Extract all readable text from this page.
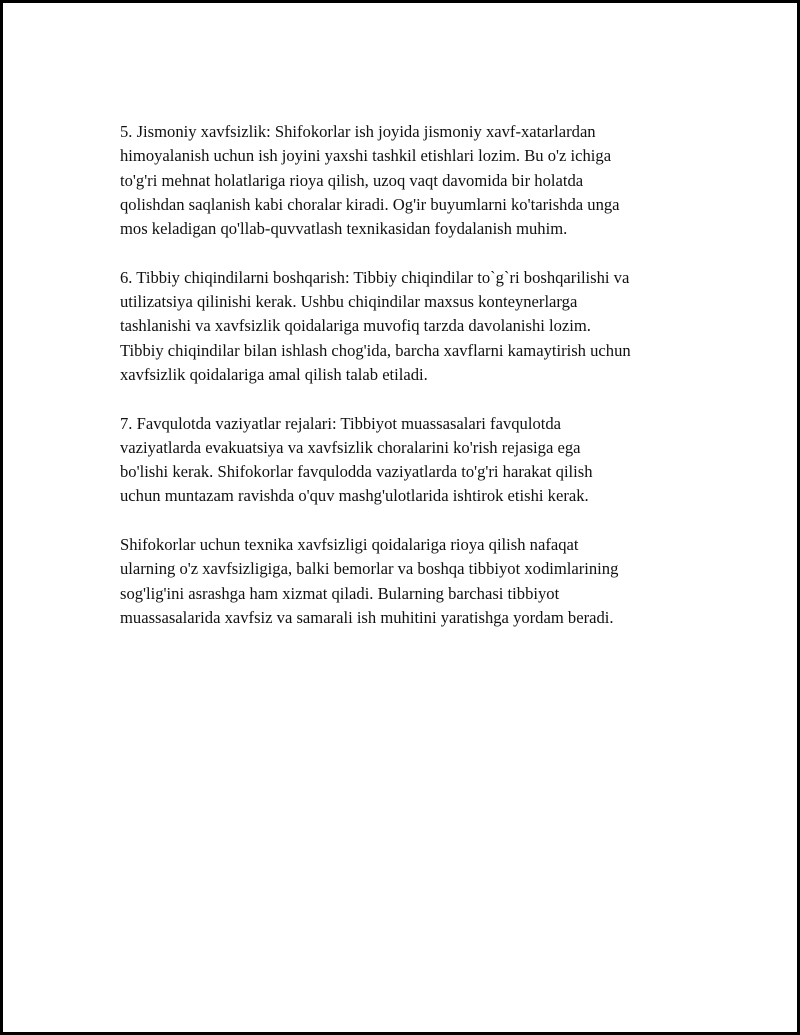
5. Jismoniy xavfsizlik: Shifokorlar ish joyida jismoniy xavf-xatarlardan
himoyalanish uchun ish joyini yaxshi tashkil etishlari lozim. Bu o'z ichiga
to'g'ri mehnat holatlariga rioya qilish, uzoq vaqt davomida bir holatda
qolishdan saqlanish kabi choralar kiradi. Og'ir buyumlarni ko'tarishda unga
mos keladigan qo'llab-quvvatlash texnikasidan foydalanish muhim.

6. Tibbiy chiqindilarni boshqarish: Tibbiy chiqindilar to`g`ri boshqarilishi va
utilizatsiya qilinishi kerak. Ushbu chiqindilar maxsus konteynerlarga
tashlanishi va xavfsizlik qoidalariga muvofiq tarzda davolanishi lozim.
Tibbiy chiqindilar bilan ishlash chog'ida, barcha xavflarni kamaytirish uchun
xavfsizlik qoidalariga amal qilish talab etiladi.

7. Favqulotda vaziyatlar rejalari: Tibbiyot muassasalari favqulotda
vaziyatlarda evakuatsiya va xavfsizlik choralarini ko'rish rejasiga ega
bo'lishi kerak. Shifokorlar favqulodda vaziyatlarda to'g'ri harakat qilish
uchun muntazam ravishda o'quv mashg'ulotlarida ishtirok etishi kerak.

Shifokorlar uchun texnika xavfsizligi qoidalariga rioya qilish nafaqat
ularning o'z xavfsizligiga, balki bemorlar va boshqa tibbiyot xodimlarining
sog'lig'ini asrashga ham xizmat qiladi. Bularning barchasi tibbiyot
muassasalarida xavfsiz va samarali ish muhitini yaratishga yordam beradi.
